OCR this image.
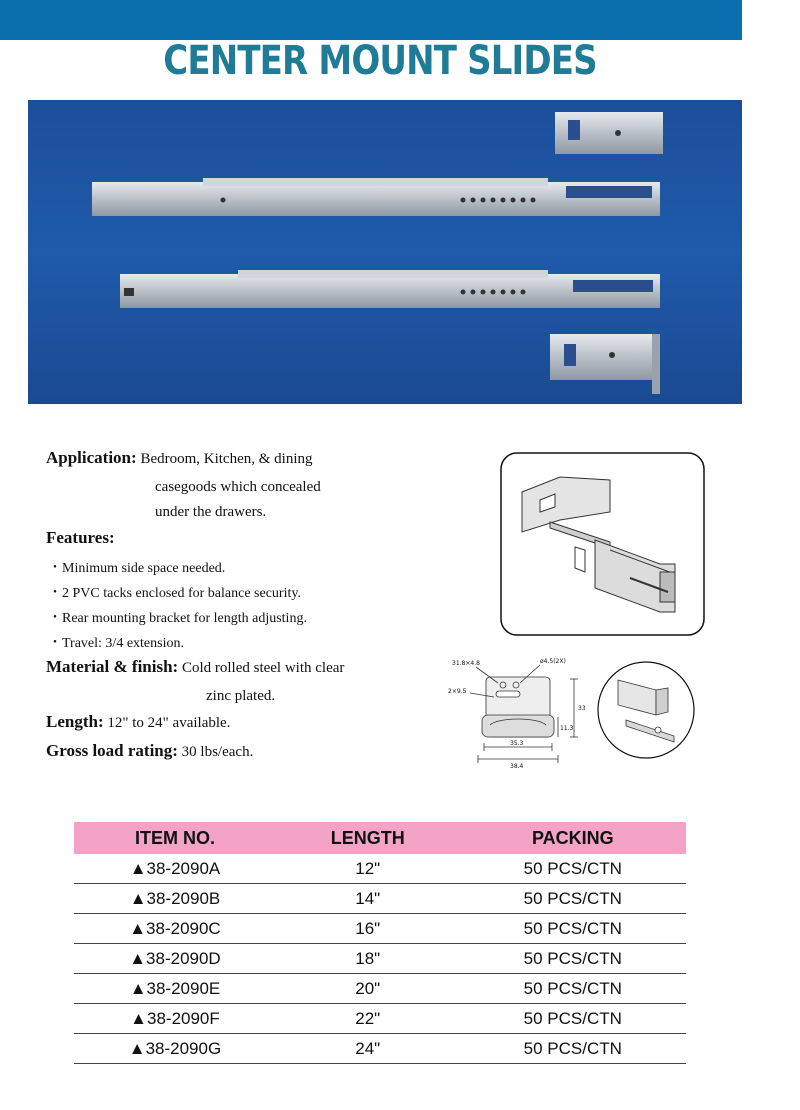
CENTER MOUNT SLIDES
Application: Bedroom, Kitchen, & dining
casegoods which concealed
under the drawers.
Features:
・Minimum side space needed.
・2 PVC tacks enclosed for balance security.
・Rear mounting bracket for length adjusting.
・Travel: 3/4 extension.
Material & finish: Cold rolled steel with clear
zinc plated.
Length: 12" to 24" available.
Gross load rating: 30 lbs/each.
31.8×4.8	ø4.5(2X)
2×9.5
33
11.3
35.3
38.4
ITEM NO.	LENGTH	PACKING
▲38-2090A	12"	50 PCS/CTN
▲38-2090B	14"	50 PCS/CTN
▲38-2090C	16"	50 PCS/CTN
▲38-2090D	18"	50 PCS/CTN
▲38-2090E	20"	50 PCS/CTN
▲38-2090F	22"	50 PCS/CTN
▲38-2090G	24"	50 PCS/CTN
